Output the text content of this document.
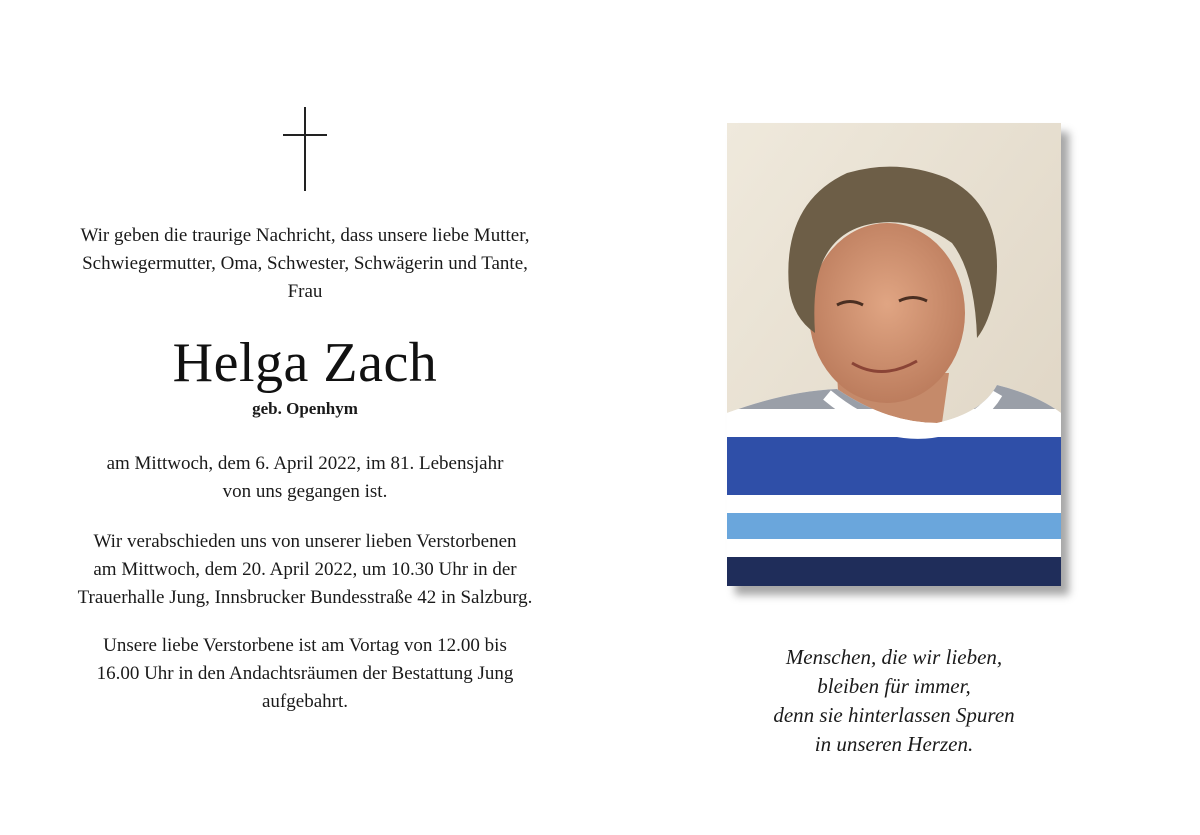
Wir geben die traurige Nachricht, dass unsere liebe Mutter,
Schwiegermutter, Oma, Schwester, Schwägerin und Tante,
Frau
Helga Zach
geb. Openhym
am Mittwoch, dem 6. April 2022, im 81. Lebensjahr
von uns gegangen ist.
Wir verabschieden uns von unserer lieben Verstorbenen
am Mittwoch, dem 20. April 2022, um 10.30 Uhr in der
Trauerhalle Jung, Innsbrucker Bundesstraße 42 in Salzburg.
Unsere liebe Verstorbene ist am Vortag von 12.00 bis
16.00 Uhr in den Andachtsräumen der Bestattung Jung
aufgebahrt.
Menschen, die wir lieben,
bleiben für immer,
denn sie hinterlassen Spuren
in unseren Herzen.
